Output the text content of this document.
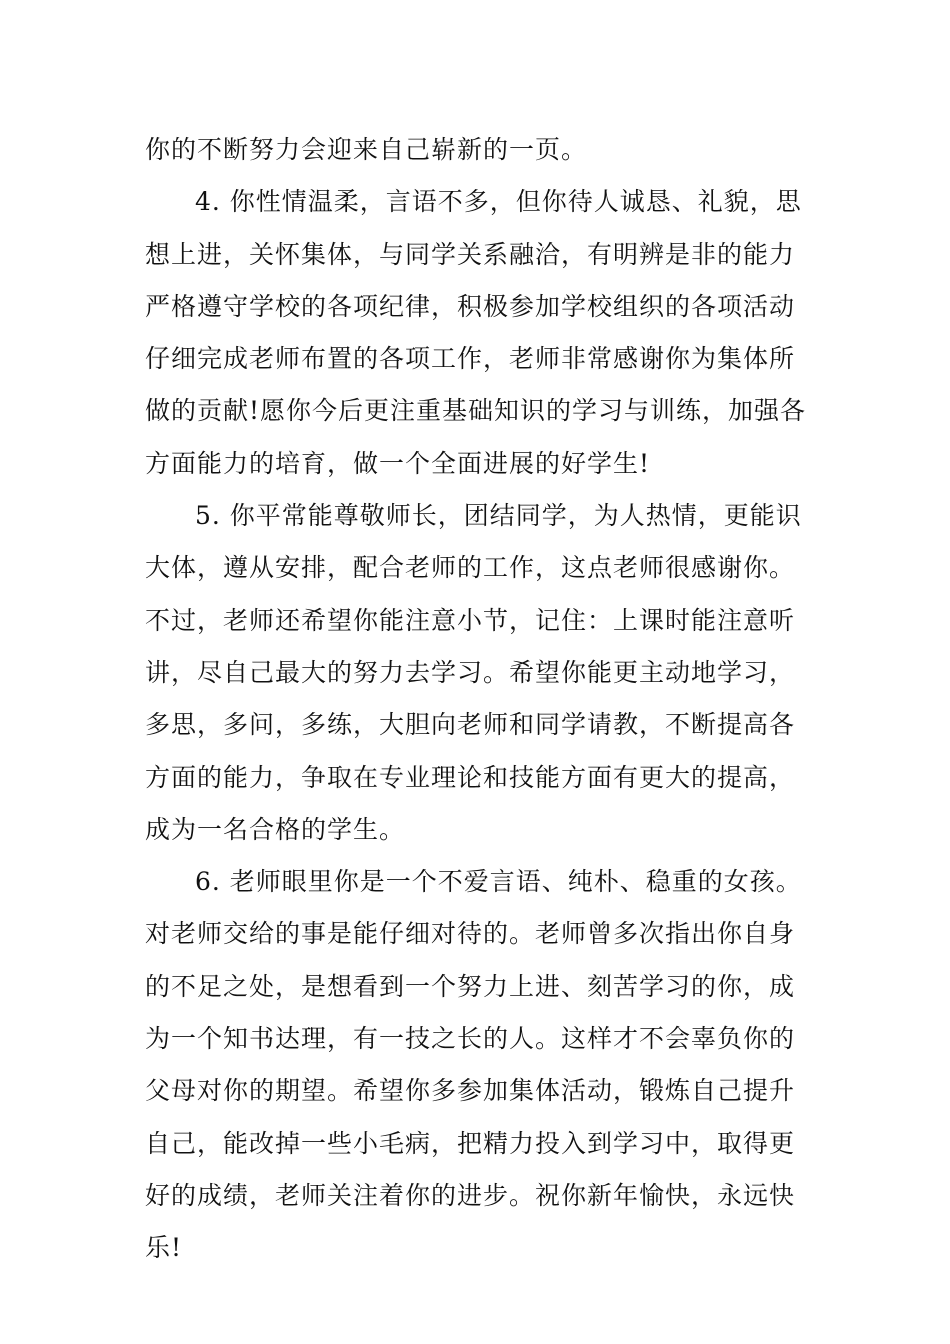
你的不断努力会迎来自己崭新的一页。
4. 你性情温柔，言语不多，但你待人诚恳、礼貌，思
想上进，关怀集体，与同学关系融洽，有明辨是非的能力
严格遵守学校的各项纪律，积极参加学校组织的各项活动
仔细完成老师布置的各项工作，老师非常感谢你为集体所
做的贡献!愿你今后更注重基础知识的学习与训练，加强各
方面能力的培育，做一个全面进展的好学生!
5. 你平常能尊敬师长，团结同学，为人热情，更能识
大体，遵从安排，配合老师的工作，这点老师很感谢你。
不过，老师还希望你能注意小节，记住：上课时能注意听
讲，尽自己最大的努力去学习。希望你能更主动地学习，
多思，多问，多练，大胆向老师和同学请教，不断提高各
方面的能力，争取在专业理论和技能方面有更大的提高，
成为一名合格的学生。
6. 老师眼里你是一个不爱言语、纯朴、稳重的女孩。
对老师交给的事是能仔细对待的。老师曾多次指出你自身
的不足之处，是想看到一个努力上进、刻苦学习的你，成
为一个知书达理，有一技之长的人。这样才不会辜负你的
父母对你的期望。希望你多参加集体活动，锻炼自己提升
自己，能改掉一些小毛病，把精力投入到学习中，取得更
好的成绩，老师关注着你的进步。祝你新年愉快，永远快
乐!
